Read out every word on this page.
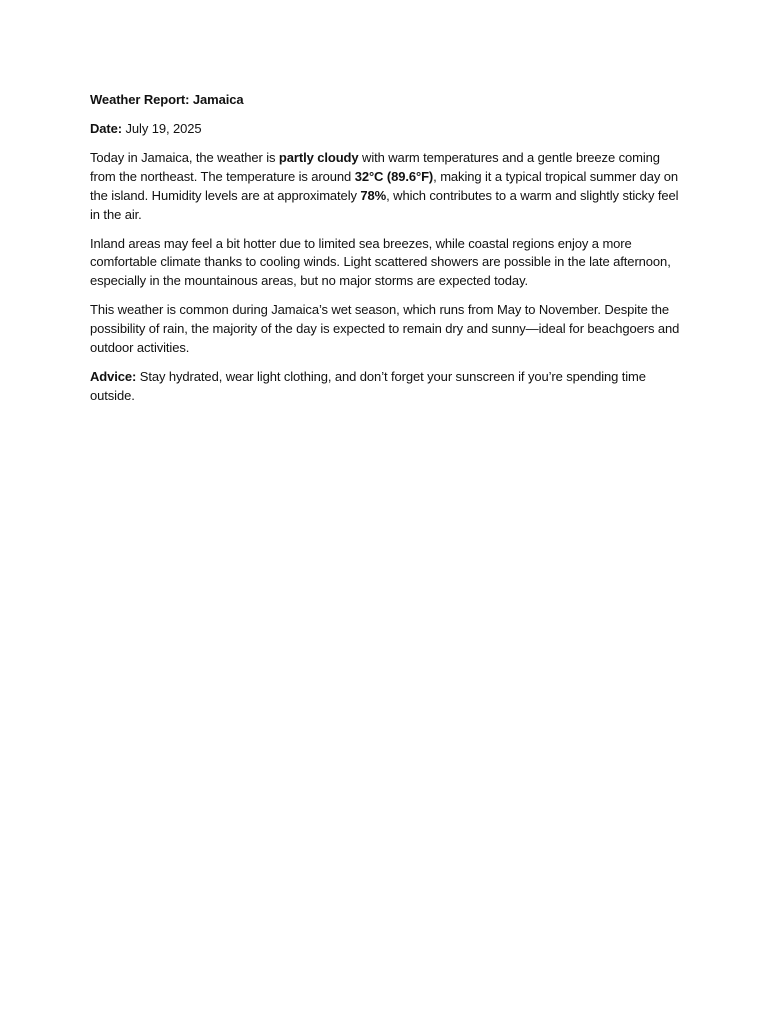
Weather Report: Jamaica

Date: July 19, 2025

Today in Jamaica, the weather is partly cloudy with warm temperatures and a gentle breeze coming from the northeast. The temperature is around 32°C (89.6°F), making it a typical tropical summer day on the island. Humidity levels are at approximately 78%, which contributes to a warm and slightly sticky feel in the air.

Inland areas may feel a bit hotter due to limited sea breezes, while coastal regions enjoy a more comfortable climate thanks to cooling winds. Light scattered showers are possible in the late afternoon, especially in the mountainous areas, but no major storms are expected today.

This weather is common during Jamaica’s wet season, which runs from May to November. Despite the possibility of rain, the majority of the day is expected to remain dry and sunny—ideal for beachgoers and outdoor activities.

Advice: Stay hydrated, wear light clothing, and don’t forget your sunscreen if you’re spending time outside.
